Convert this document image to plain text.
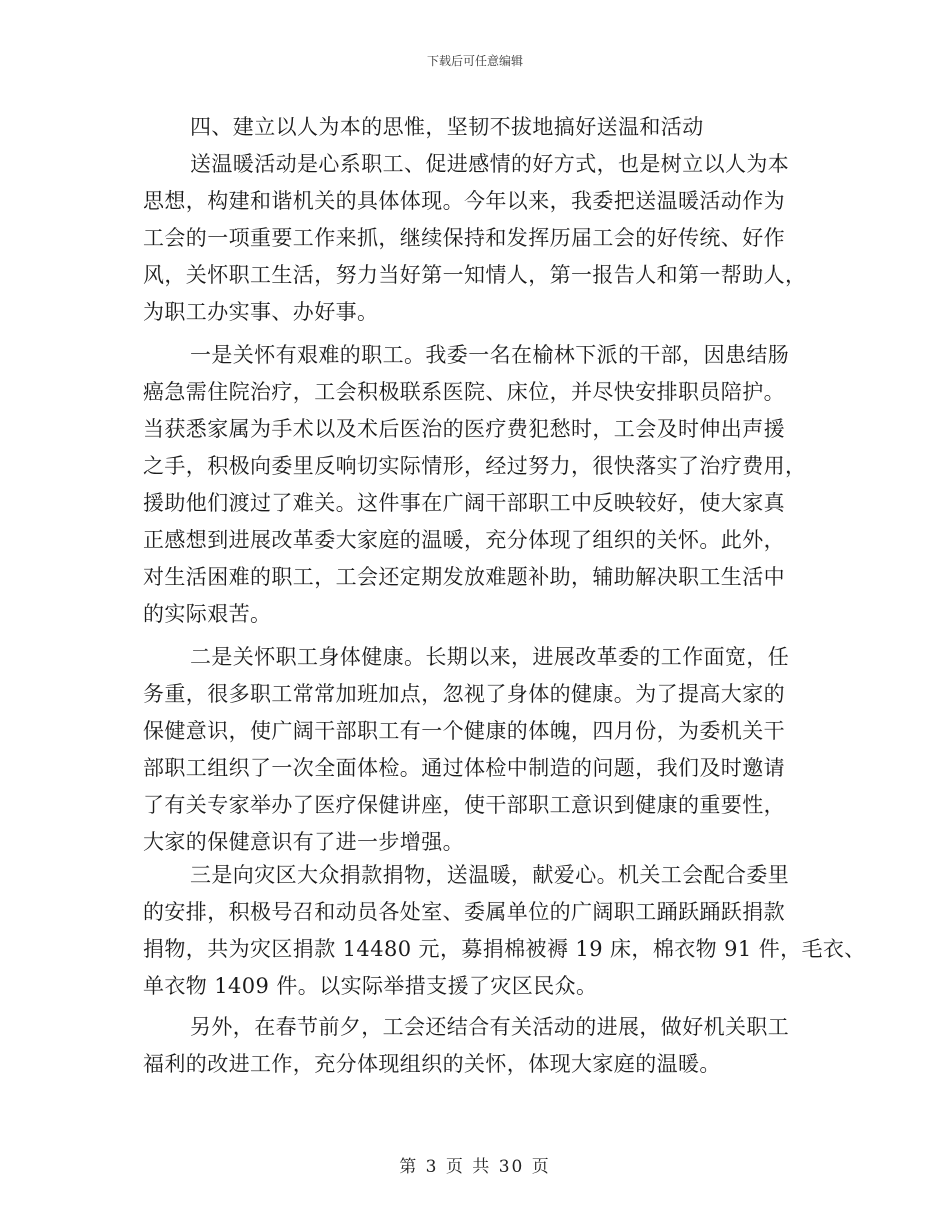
下载后可任意编辑
四、建立以人为本的思惟，坚韧不拔地搞好送温和活动
送温暖活动是心系职工、促进感情的好方式，也是树立以人为本
思想，构建和谐机关的具体体现。今年以来，我委把送温暖活动作为
工会的一项重要工作来抓，继续保持和发挥历届工会的好传统、好作
风，关怀职工生活，努力当好第一知情人，第一报告人和第一帮助人，
为职工办实事、办好事。
一是关怀有艰难的职工。我委一名在榆林下派的干部，因患结肠
癌急需住院治疗，工会积极联系医院、床位，并尽快安排职员陪护。
当获悉家属为手术以及术后医治的医疗费犯愁时，工会及时伸出声援
之手，积极向委里反响切实际情形，经过努力，很快落实了治疗费用，
援助他们渡过了难关。这件事在广阔干部职工中反映较好，使大家真
正感想到进展改革委大家庭的温暖，充分体现了组织的关怀。此外，
对生活困难的职工，工会还定期发放难题补助，辅助解决职工生活中
的实际艰苦。
二是关怀职工身体健康。长期以来，进展改革委的工作面宽，任
务重，很多职工常常加班加点，忽视了身体的健康。为了提高大家的
保健意识，使广阔干部职工有一个健康的体魄，四月份，为委机关干
部职工组织了一次全面体检。通过体检中制造的问题，我们及时邀请
了有关专家举办了医疗保健讲座，使干部职工意识到健康的重要性，
大家的保健意识有了进一步增强。
三是向灾区大众捐款捐物，送温暖，献爱心。机关工会配合委里
的安排，积极号召和动员各处室、委属单位的广阔职工踊跃踊跃捐款
捐物，共为灾区捐款 14480 元，募捐棉被褥 19 床，棉衣物 91 件，毛衣、
单衣物 1409 件。以实际举措支援了灾区民众。
另外，在春节前夕，工会还结合有关活动的进展，做好机关职工
福利的改进工作，充分体现组织的关怀，体现大家庭的温暖。
第 3 页 共 30 页
